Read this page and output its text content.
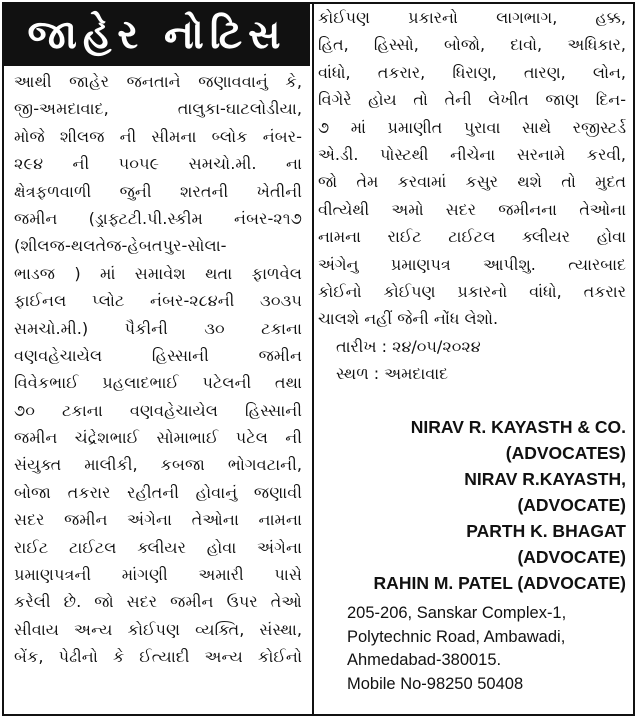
જાહેર નોટિસ
આથી જાહેર જનતાને જણાવવાનું કે,
જી-અમદાવાદ, તાલુકા-ઘાટલોડીયા,
મોજે શીલજ ની સીમના બ્લોક નંબર-
૨૯૪ ની ૫૦૫૯ સમચો.મી. ના
ક્ષેત્રફળવાળી જુની શરતની ખેતીની
જમીન (ડ્રાફ્ટટી.પી.સ્કીમ નંબર-૨૧૭
(શીલજ-થલતેજ-હેબતપુર-સોલા-
ભાડજ ) માં સમાવેશ થતા ફાળવેલ
ફાઈનલ પ્લોટ નંબર-૨૮૪ની ૩૦૩૫
સમચો.મી.) પૈકીની ૩૦ ટકાના
વણવહેચાયેલ હિસ્સાની જમીન
વિવેકભાઈ પ્રહલાદભાઈ પટેલની તથા
૭૦ ટકાના વણવહેચાયેલ હિસ્સાની
જમીન ચંદ્રેશભાઈ સોમાભાઈ પટેલ ની
સંયુક્ત માલીકી, કબજા ભોગવટાની,
બોજા તકરાર રહીતની હોવાનું જણાવી
સદર જમીન અંગેના તેઓના નામના
રાઈટ ટાઈટલ ક્લીયર હોવા અંગેના
પ્રમાણપત્રની માંગણી અમારી પાસે
કરેલી છે. જો સદર જમીન ઉપર તેઓ
સીવાય અન્ય કોઈપણ વ્યક્તિ, સંસ્થા,
બેંક, પેઢીનો કે ઈત્યાદી અન્ય કોઈનો
કોઈપણ પ્રકારનો લાગભાગ, હક્ક,
હિત, હિસ્સો, બોજો, દાવો, અધિકાર,
વાંધો, તકરાર, ધિરાણ, તારણ, લોન,
વિગેરે હોય તો તેની લેખીત જાણ દિન-
૭ માં પ્રમાણીત પુરાવા સાથે રજીસ્ટર્ડ
એ.ડી. પોસ્ટથી નીચેના સરનામે કરવી,
જો તેમ કરવામાં કસુર થશે તો મુદત
વીત્યેથી અમો સદર જમીનના તેઓના
નામના રાઈટ ટાઈટલ ક્લીયર હોવા
અંગેનુ પ્રમાણપત્ર આપીશુ. ત્યારબાદ
કોઈનો કોઈપણ પ્રકારનો વાંધો, તકરાર
ચાલશે નહીં જેની નોંધ લેશો.
તારીખ : ૨૪/૦૫/૨૦૨૪
સ્થળ : અમદાવાદ
NIRAV R. KAYASTH & CO.
(ADVOCATES)
NIRAV R.KAYASTH,
(ADVOCATE)
PARTH K. BHAGAT
(ADVOCATE)
RAHIN M. PATEL (ADVOCATE)
205-206, Sanskar Complex-1,
Polytechnic Road, Ambawadi,
Ahmedabad-380015.
Mobile No-98250 50408
